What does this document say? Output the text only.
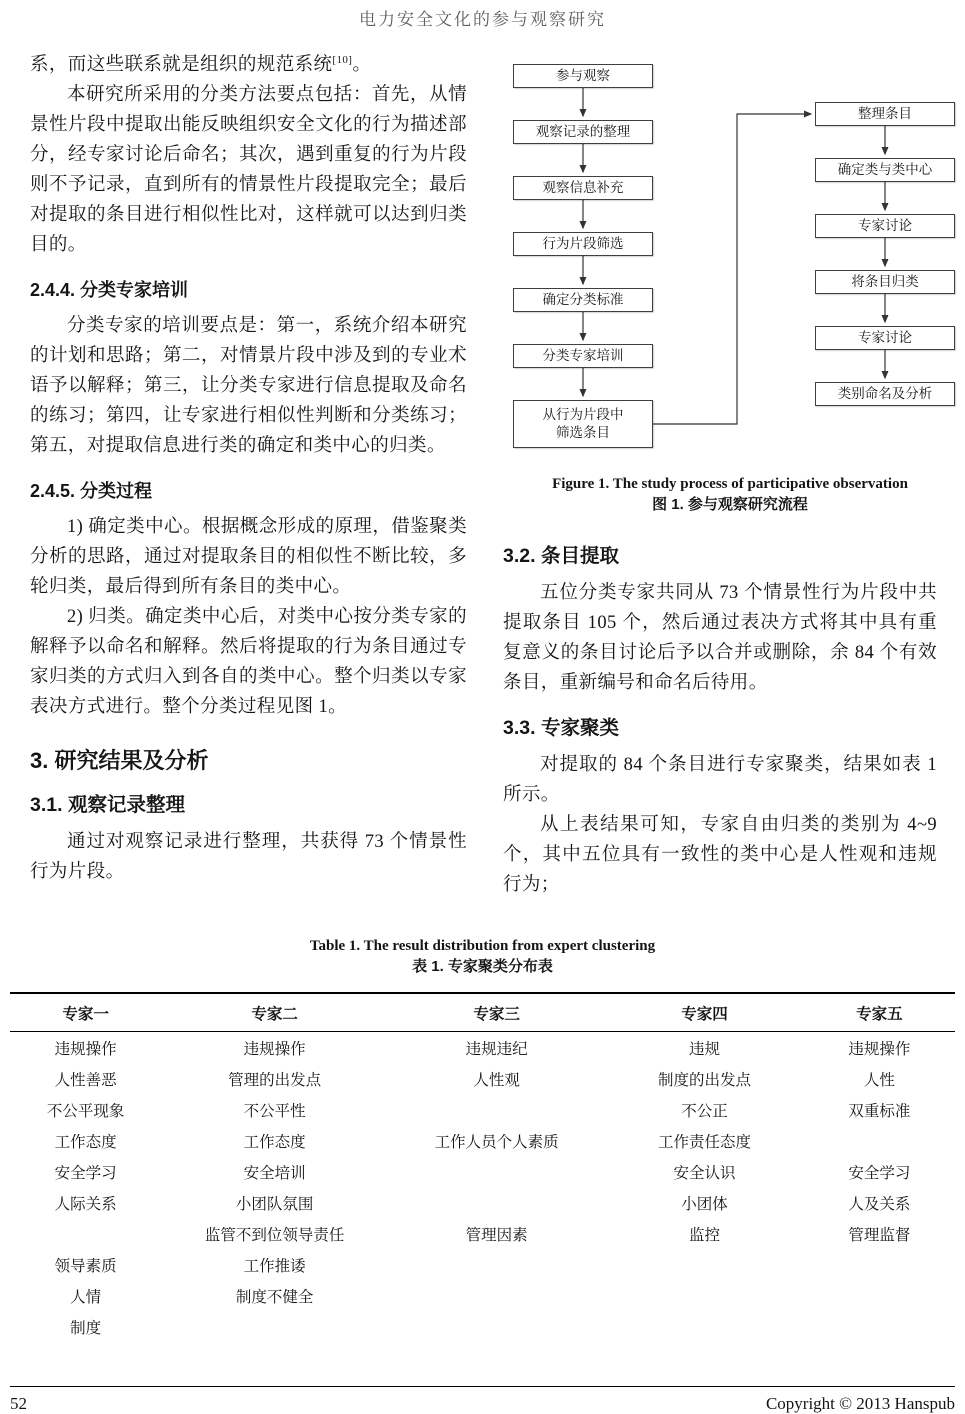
电力安全文化的参与观察研究

系，而这些联系就是组织的规范系统[10]。

本研究所采用的分类方法要点包括：首先，从情景性片段中提取出能反映组织安全文化的行为描述部分，经专家讨论后命名；其次，遇到重复的行为片段则不予记录，直到所有的情景性片段提取完全；最后对提取的条目进行相似性比对，这样就可以达到归类目的。

2.4.4. 分类专家培训

分类专家的培训要点是：第一，系统介绍本研究的计划和思路；第二，对情景片段中涉及到的专业术语予以解释；第三，让分类专家进行信息提取及命名的练习；第四，让专家进行相似性判断和分类练习；第五，对提取信息进行类的确定和类中心的归类。

2.4.5. 分类过程

1) 确定类中心。根据概念形成的原理，借鉴聚类分析的思路，通过对提取条目的相似性不断比较，多轮归类，最后得到所有条目的类中心。

2) 归类。确定类中心后，对类中心按分类专家的解释予以命名和解释。然后将提取的行为条目通过专家归类的方式归入到各自的类中心。整个归类以专家表决方式进行。整个分类过程见图 1。

3. 研究结果及分析
3.1. 观察记录整理

通过对观察记录进行整理，共获得 73 个情景性行为片段。

参与观察
观察记录的整理
观察信息补充
行为片段筛选
确定分类标准
分类专家培训
从行为片段中
筛选条目
整理条目
确定类与类中心
专家讨论
将条目归类
专家讨论
类别命名及分析
Figure 1. The study process of participative observation
图 1. 参与观察研究流程
3.2. 条目提取

五位分类专家共同从 73 个情景性行为片段中共提取条目 105 个，然后通过表决方式将其中具有重复意义的条目讨论后予以合并或删除，余 84 个有效条目，重新编号和命名后待用。

3.3. 专家聚类

对提取的 84 个条目进行专家聚类，结果如表 1 所示。

从上表结果可知，专家自由归类的类别为 4~9 个，其中五位具有一致性的类中心是人性观和违规行为；

Table 1. The result distribution from expert clustering
表 1. 专家聚类分布表
专家一	专家二	专家三	专家四	专家五
违规操作	违规操作	违规违纪	违规	违规操作
人性善恶	管理的出发点	人性观	制度的出发点	人性
不公平现象	不公平性		不公正	双重标准
工作态度	工作态度	工作人员个人素质	工作责任态度	
安全学习	安全培训		安全认识	安全学习
人际关系	小团队氛围		小团体	人及关系
	监管不到位领导责任	管理因素	监控	管理监督
领导素质	工作推诿			
人情	制度不健全			
制度				
52	Copyright © 2013 Hanspub
